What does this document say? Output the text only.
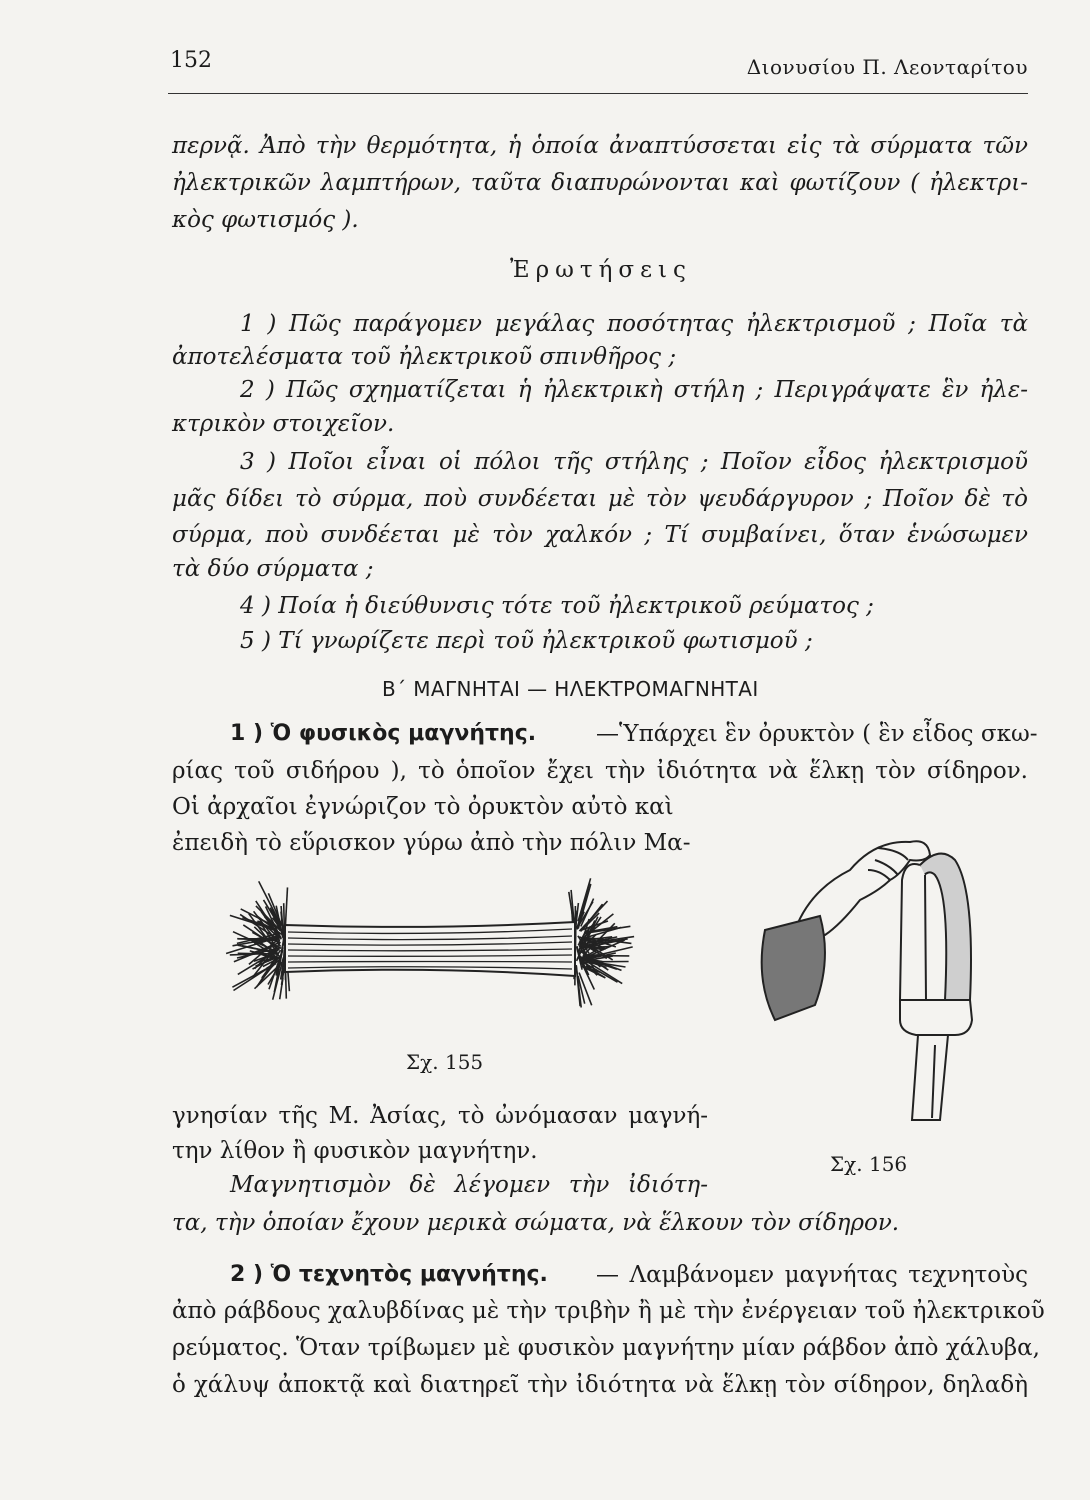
152	Διονυσίου Π. Λεονταρίτου
περνᾷ. Ἀπὸ τὴν θερμότητα, ἡ ὁποία ἀναπτύσσεται εἰς τὰ σύρματα τῶν
ἠλεκτρικῶν λαμπτήρων, ταῦτα διαπυρώνονται καὶ φωτίζουν ( ἠλεκτρι-
κὸς φωτισμός ).
Ἐρωτήσεις
1 ) Πῶς παράγομεν μεγάλας ποσότητας ἠλεκτρισμοῦ ; Ποῖα τὰ
ἀποτελέσματα τοῦ ἠλεκτρικοῦ σπινθῆρος ;
2 ) Πῶς σχηματίζεται ἡ ἠλεκτρικὴ στήλη ; Περιγράψατε ἓν ἠλε-
κτρικὸν στοιχεῖον.
3 ) Ποῖοι εἶναι οἱ πόλοι τῆς στήλης ; Ποῖον εἶδος ἠλεκτρισμοῦ
μᾶς δίδει τὸ σύρμα, ποὺ συνδέεται μὲ τὸν ψευδάργυρον ; Ποῖον δὲ τὸ
σύρμα, ποὺ συνδέεται μὲ τὸν χαλκόν ; Τί συμβαίνει, ὅταν ἑνώσωμεν
τὰ δύο σύρματα ;
4 ) Ποία ἡ διεύθυνσις τότε τοῦ ἠλεκτρικοῦ ρεύματος ;
5 ) Τί γνωρίζετε περὶ τοῦ ἠλεκτρικοῦ φωτισμοῦ ;
Β΄ ΜΑΓΝΗΤΑΙ — ΗΛΕΚΤΡΟΜΑΓΝΗΤΑΙ
1 ) Ὁ φυσικὸς μαγνήτης.	—Ὑπάρχει ἓν ὀρυκτὸν ( ἓν εἶδος σκω-
ρίας τοῦ σιδήρου ), τὸ ὁποῖον ἔχει τὴν ἰδιότητα νὰ ἕλκῃ τὸν σίδηρον.
Οἱ ἀρχαῖοι ἐγνώριζον τὸ ὀρυκτὸν αὐτὸ καὶ
ἐπειδὴ τὸ εὕρισκον γύρω ἀπὸ τὴν πόλιν Μα-
Σχ. 155
Σχ. 156
γνησίαν τῆς Μ. Ἀσίας, τὸ ὠνόμασαν μαγνή-
την λίθον ἢ φυσικὸν μαγνήτην.
Μαγνητισμὸν δὲ λέγομεν τὴν ἰδιότη-
τα, τὴν ὁποίαν ἔχουν μερικὰ σώματα, νὰ ἕλκουν τὸν σίδηρον.
2 ) Ὁ τεχνητὸς μαγνήτης. — Λαμβάνομεν μαγνήτας τεχνητοὺς
ἀπὸ ράβδους χαλυβδίνας μὲ τὴν τριβὴν ἢ μὲ τὴν ἐνέργειαν τοῦ ἠλεκτρικοῦ
ρεύματος. Ὅταν τρίβωμεν μὲ φυσικὸν μαγνήτην μίαν ράβδον ἀπὸ χάλυβα,
ὁ χάλυψ ἀποκτᾷ καὶ διατηρεῖ τὴν ἰδιότητα νὰ ἕλκῃ τὸν σίδηρον, δηλαδὴ
